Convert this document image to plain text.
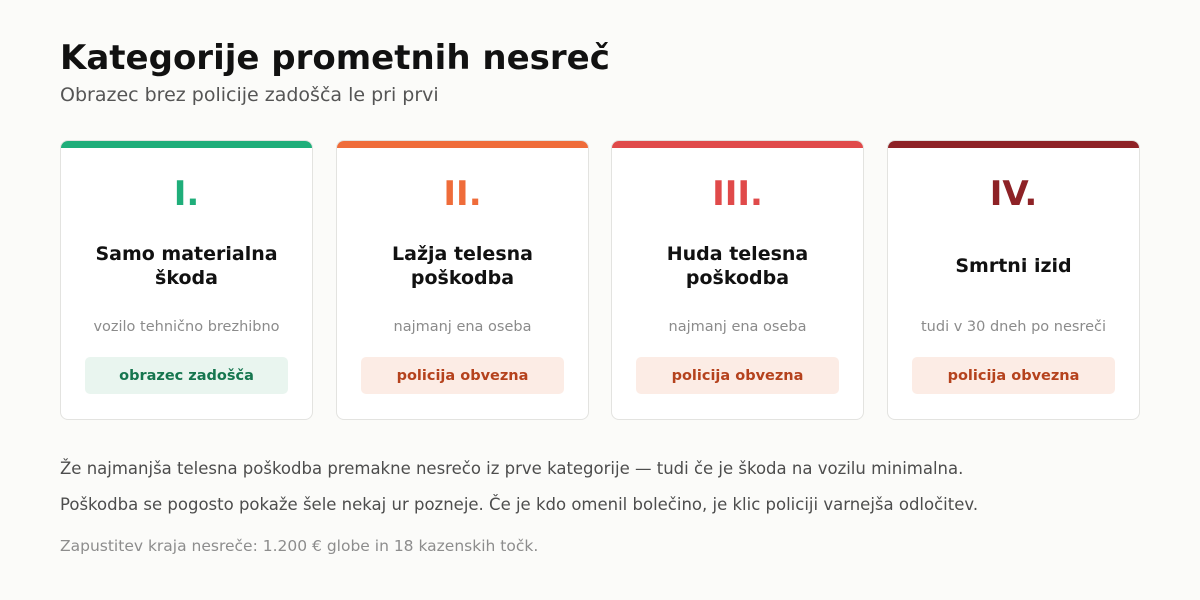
Kategorije prometnih nesreč
Obrazec brez policije zadošča le pri prvi
I.
Samo materialna škoda
vozilo tehnično brezhibno
obrazec zadošča
II.
Lažja telesna poškodba
najmanj ena oseba
policija obvezna
III.
Huda telesna poškodba
najmanj ena oseba
policija obvezna
IV.
Smrtni izid
tudi v 30 dneh po nesreči
policija obvezna
Že najmanjša telesna poškodba premakne nesrečo iz prve kategorije — tudi če je škoda na vozilu minimalna.
Poškodba se pogosto pokaže šele nekaj ur pozneje. Če je kdo omenil bolečino, je klic policiji varnejša odločitev.
Zapustitev kraja nesreče: 1.200 € globe in 18 kazenskih točk.
